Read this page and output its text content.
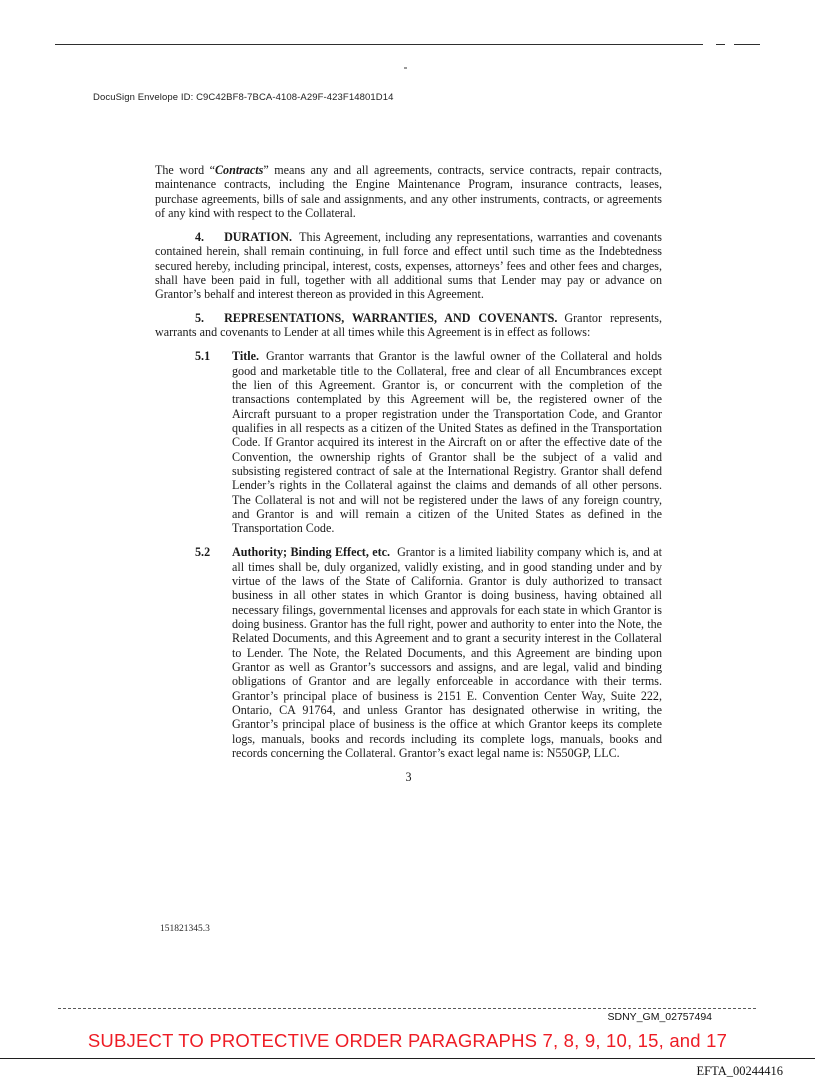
DocuSign Envelope ID: C9C42BF8-7BCA-4108-A29F-423F14801D14

The word “Contracts” means any and all agreements, contracts, service contracts, repair contracts, maintenance contracts, including the Engine Maintenance Program, insurance contracts, leases, purchase agreements, bills of sale and assignments, and any other instruments, contracts, or agreements of any kind with respect to the Collateral.

4. DURATION. This Agreement, including any representations, warranties and covenants contained herein, shall remain continuing, in full force and effect until such time as the Indebtedness secured hereby, including principal, interest, costs, expenses, attorneys’ fees and other fees and charges, shall have been paid in full, together with all additional sums that Lender may pay or advance on Grantor’s behalf and interest thereon as provided in this Agreement.

5. REPRESENTATIONS, WARRANTIES, AND COVENANTS. Grantor represents, warrants and covenants to Lender at all times while this Agreement is in effect as follows:

5.1 Title. Grantor warrants that Grantor is the lawful owner of the Collateral and holds good and marketable title to the Collateral, free and clear of all Encumbrances except the lien of this Agreement. Grantor is, or concurrent with the completion of the transactions contemplated by this Agreement will be, the registered owner of the Aircraft pursuant to a proper registration under the Transportation Code, and Grantor qualifies in all respects as a citizen of the United States as defined in the Transportation Code. If Grantor acquired its interest in the Aircraft on or after the effective date of the Convention, the ownership rights of Grantor shall be the subject of a valid and subsisting registered contract of sale at the International Registry. Grantor shall defend Lender’s rights in the Collateral against the claims and demands of all other persons. The Collateral is not and will not be registered under the laws of any foreign country, and Grantor is and will remain a citizen of the United States as defined in the Transportation Code.

5.2 Authority; Binding Effect, etc. Grantor is a limited liability company which is, and at all times shall be, duly organized, validly existing, and in good standing under and by virtue of the laws of the State of California. Grantor is duly authorized to transact business in all other states in which Grantor is doing business, having obtained all necessary filings, governmental licenses and approvals for each state in which Grantor is doing business. Grantor has the full right, power and authority to enter into the Note, the Related Documents, and this Agreement and to grant a security interest in the Collateral to Lender. The Note, the Related Documents, and this Agreement are binding upon Grantor as well as Grantor’s successors and assigns, and are legal, valid and binding obligations of Grantor and are legally enforceable in accordance with their terms. Grantor’s principal place of business is 2151 E. Convention Center Way, Suite 222, Ontario, CA 91764, and unless Grantor has designated otherwise in writing, the Grantor’s principal place of business is the office at which Grantor keeps its complete logs, manuals, books and records including its complete logs, manuals, books and records concerning the Collateral. Grantor’s exact legal name is: N550GP, LLC.

3

151821345.3
SDNY_GM_02757494
SUBJECT TO PROTECTIVE ORDER PARAGRAPHS 7, 8, 9, 10, 15, and 17
EFTA_00244416
